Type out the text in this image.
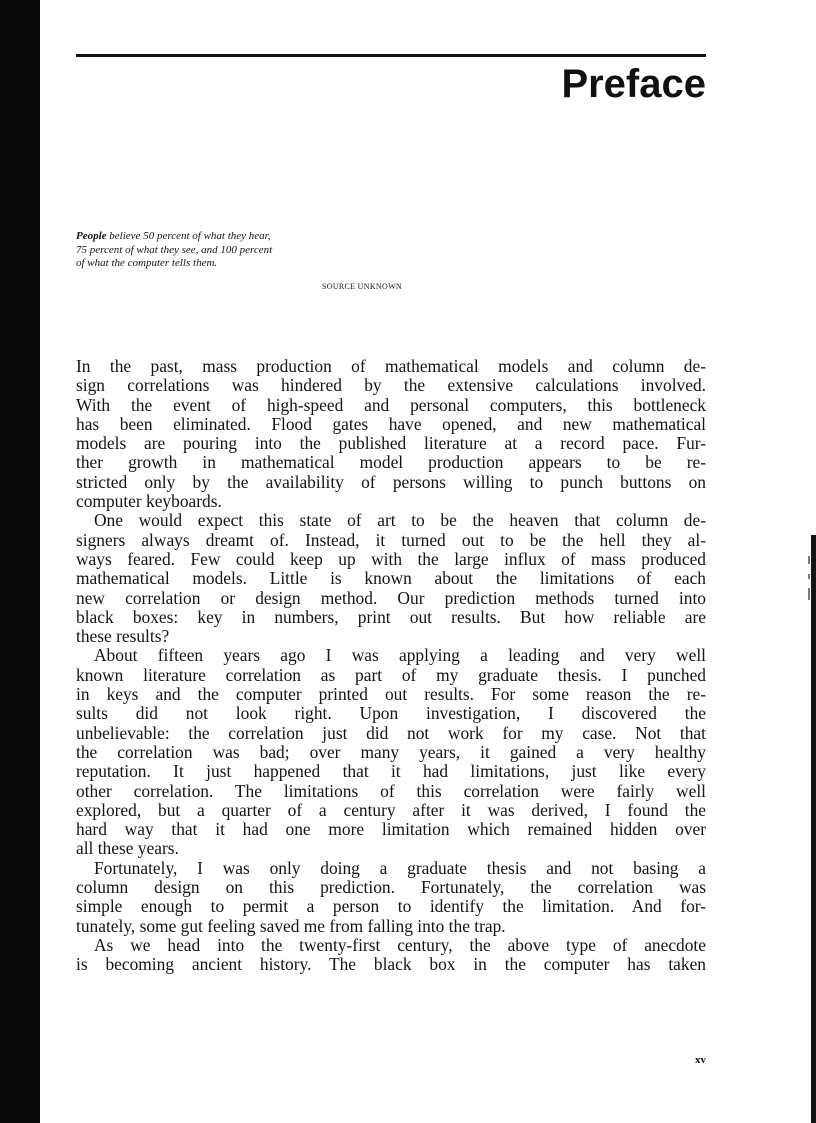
Preface
People believe 50 percent of what they hear,
75 percent of what they see, and 100 percent
of what the computer tells them.

SOURCE UNKNOWN

In the past, mass production of mathematical models and column de-
sign correlations was hindered by the extensive calculations involved.
With the event of high-speed and personal computers, this bottleneck
has been eliminated. Flood gates have opened, and new mathematical
models are pouring into the published literature at a record pace. Fur-
ther growth in mathematical model production appears to be re-
stricted only by the availability of persons willing to punch buttons on
computer keyboards.
One would expect this state of art to be the heaven that column de-
signers always dreamt of. Instead, it turned out to be the hell they al-
ways feared. Few could keep up with the large influx of mass produced
mathematical models. Little is known about the limitations of each
new correlation or design method. Our prediction methods turned into
black boxes: key in numbers, print out results. But how reliable are
these results?
About fifteen years ago I was applying a leading and very well
known literature correlation as part of my graduate thesis. I punched
in keys and the computer printed out results. For some reason the re-
sults did not look right. Upon investigation, I discovered the
unbelievable: the correlation just did not work for my case. Not that
the correlation was bad; over many years, it gained a very healthy
reputation. It just happened that it had limitations, just like every
other correlation. The limitations of this correlation were fairly well
explored, but a quarter of a century after it was derived, I found the
hard way that it had one more limitation which remained hidden over
all these years.
Fortunately, I was only doing a graduate thesis and not basing a
column design on this prediction. Fortunately, the correlation was
simple enough to permit a person to identify the limitation. And for-
tunately, some gut feeling saved me from falling into the trap.
As we head into the twenty-first century, the above type of anecdote
is becoming ancient history. The black box in the computer has taken

xv
